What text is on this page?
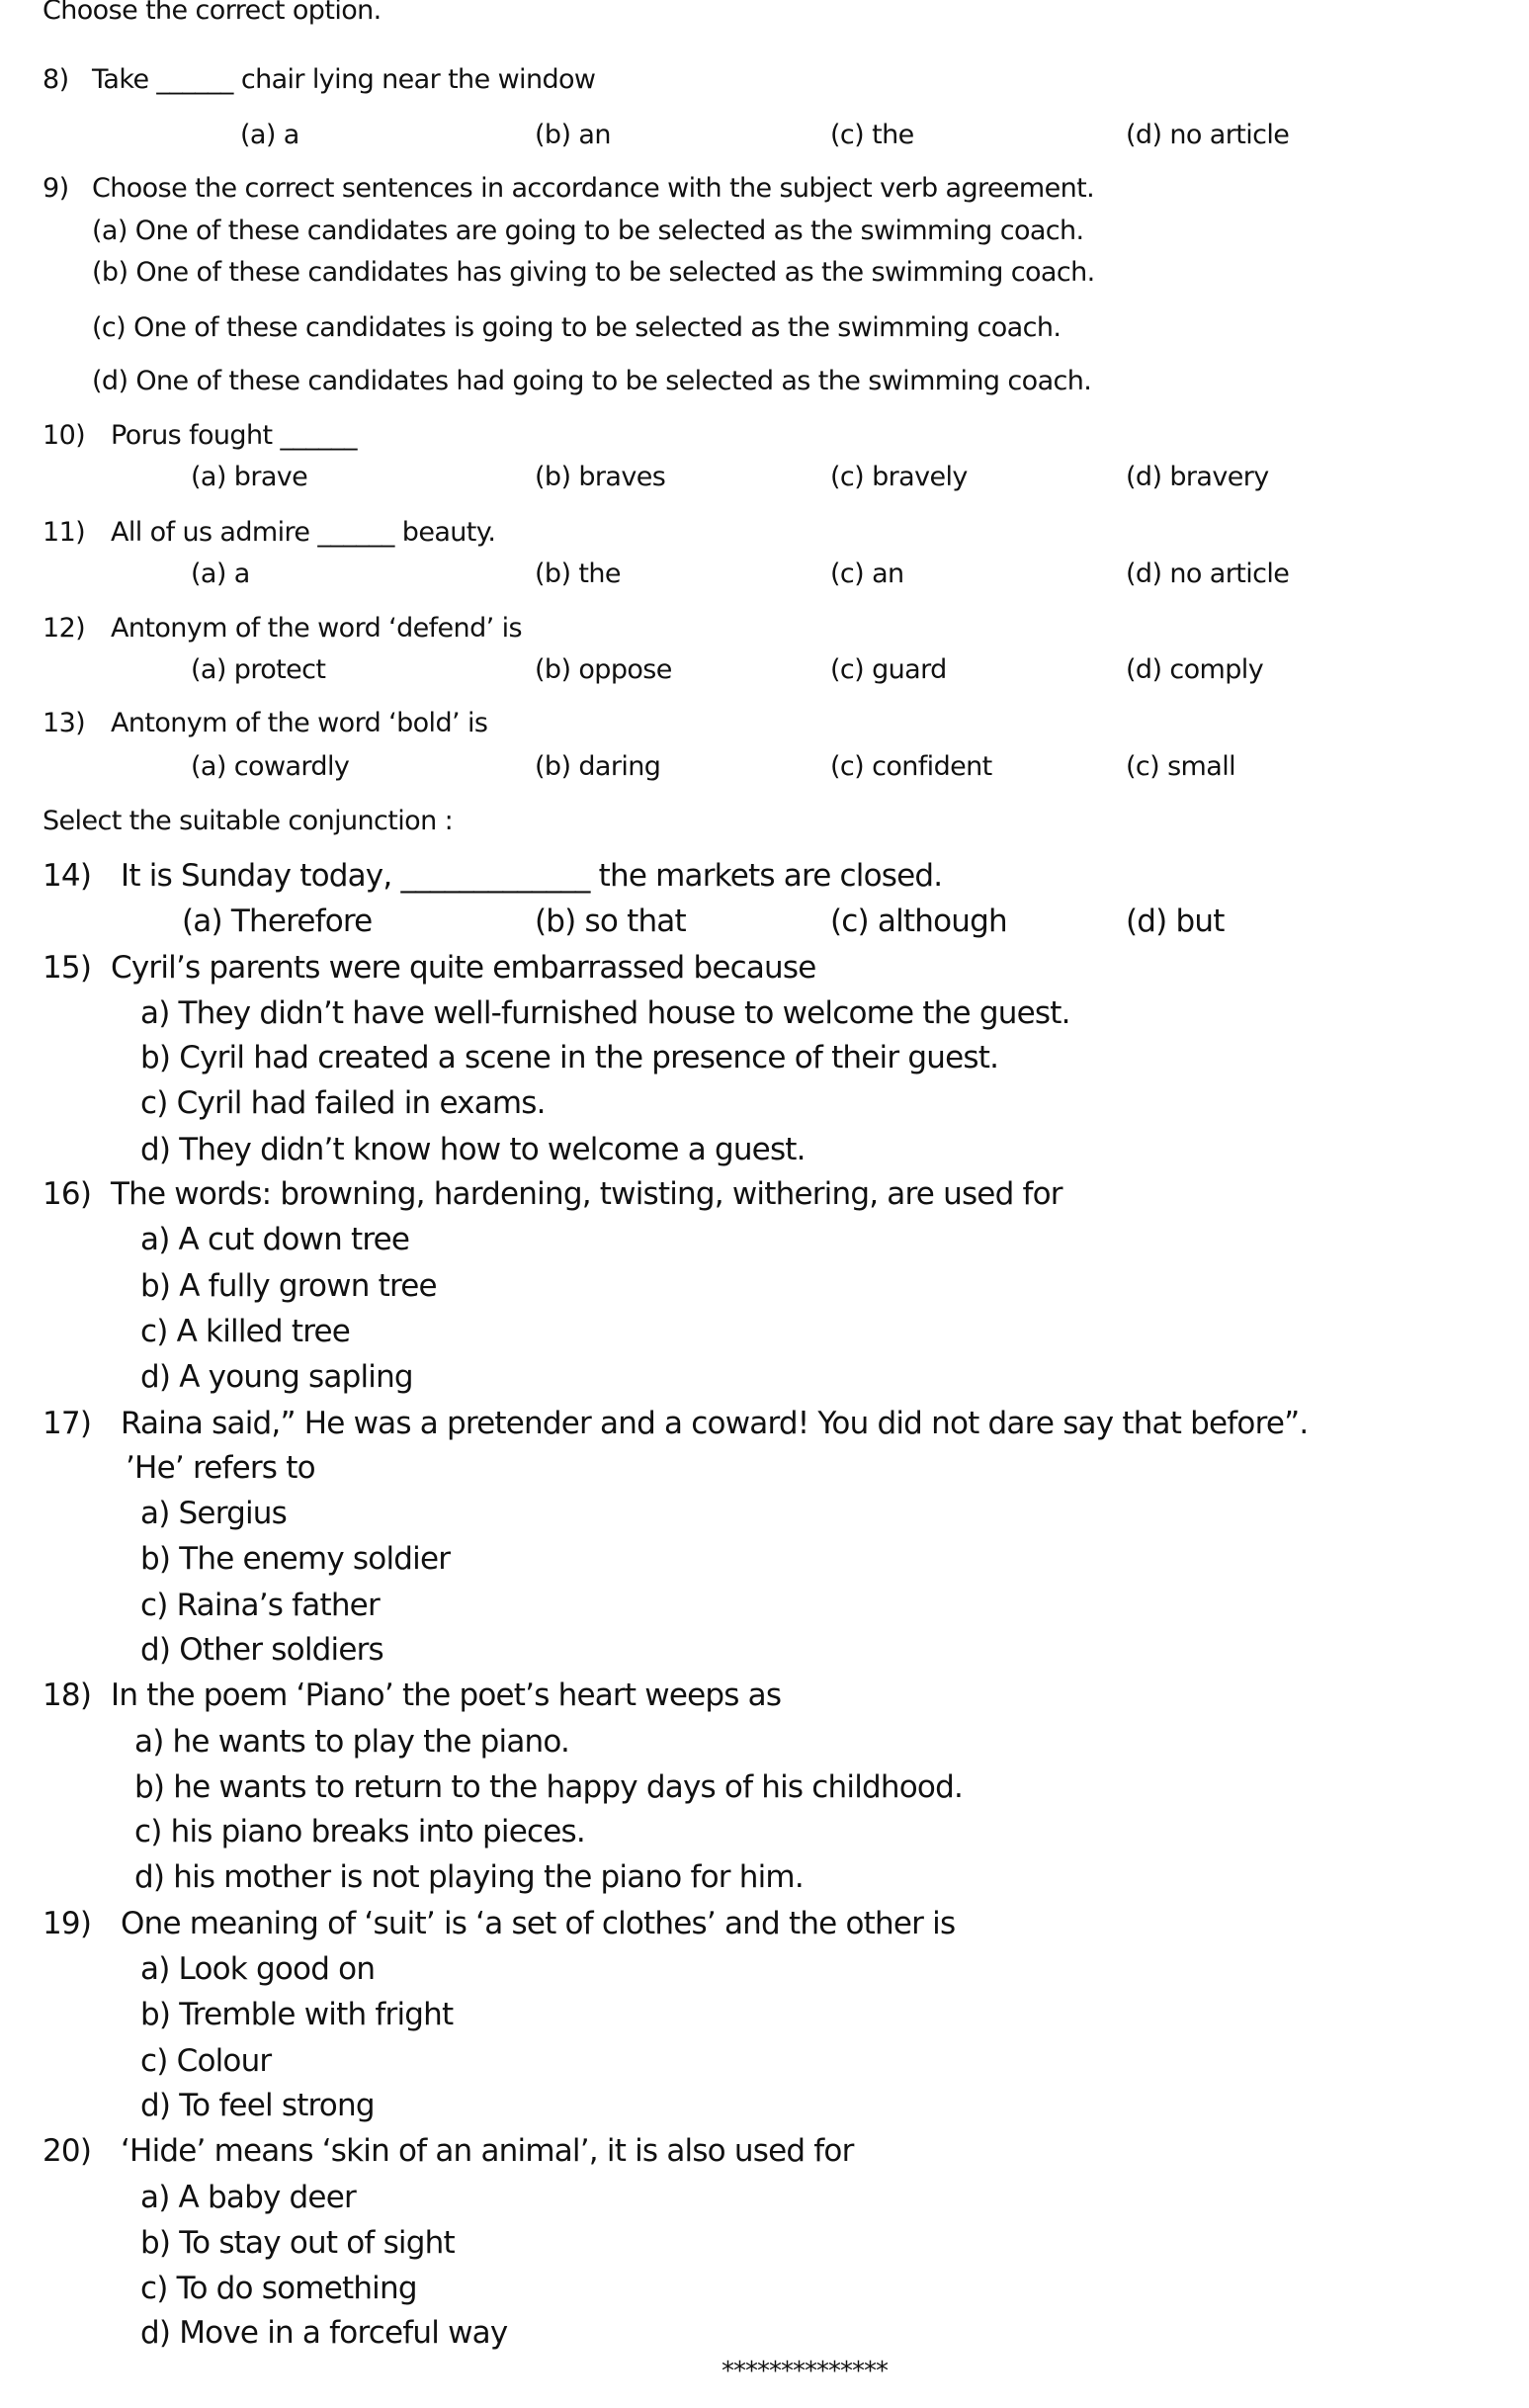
Choose the correct option.
8) Take ______ chair lying near the window
(a) a	(b) an	(c) the	(d) no article
9) Choose the correct sentences in accordance with the subject verb agreement.
(a) One of these candidates are going to be selected as the swimming coach.
(b) One of these candidates has giving to be selected as the swimming coach.
(c) One of these candidates is going to be selected as the swimming coach.
(d) One of these candidates had going to be selected as the swimming coach.
10) Porus fought ______
(a) brave	(b) braves	(c) bravely	(d) bravery
11) All of us admire ______ beauty.
(a) a	(b) the	(c) an	(d) no article
12) Antonym of the word ‘defend’ is
(a) protect	(b) oppose	(c) guard	(d) comply
13) Antonym of the word ‘bold’ is
(a) cowardly	(b) daring	(c) confident	(c) small
Select the suitable conjunction :
14) It is Sunday today, _____________ the markets are closed.
(a) Therefore	(b) so that	(c) although	(d) but
15) Cyril’s parents were quite embarrassed because
a) They didn’t have well-furnished house to welcome the guest.
b) Cyril had created a scene in the presence of their guest.
c) Cyril had failed in exams.
d) They didn’t know how to welcome a guest.
16) The words: browning, hardening, twisting, withering, are used for
a) A cut down tree
b) A fully grown tree
c) A killed tree
d) A young sapling
17) Raina said,” He was a pretender and a coward! You did not dare say that before”.
’He’ refers to
a) Sergius
b) The enemy soldier
c) Raina’s father
d) Other soldiers
18) In the poem ‘Piano’ the poet’s heart weeps as
a) he wants to play the piano.
b) he wants to return to the happy days of his childhood.
c) his piano breaks into pieces.
d) his mother is not playing the piano for him.
19) One meaning of ‘suit’ is ‘a set of clothes’ and the other is
a) Look good on
b) Tremble with fright
c) Colour
d) To feel strong
20) ‘Hide’ means ‘skin of an animal’, it is also used for
a) A baby deer
b) To stay out of sight
c) To do something
d) Move in a forceful way
**************
